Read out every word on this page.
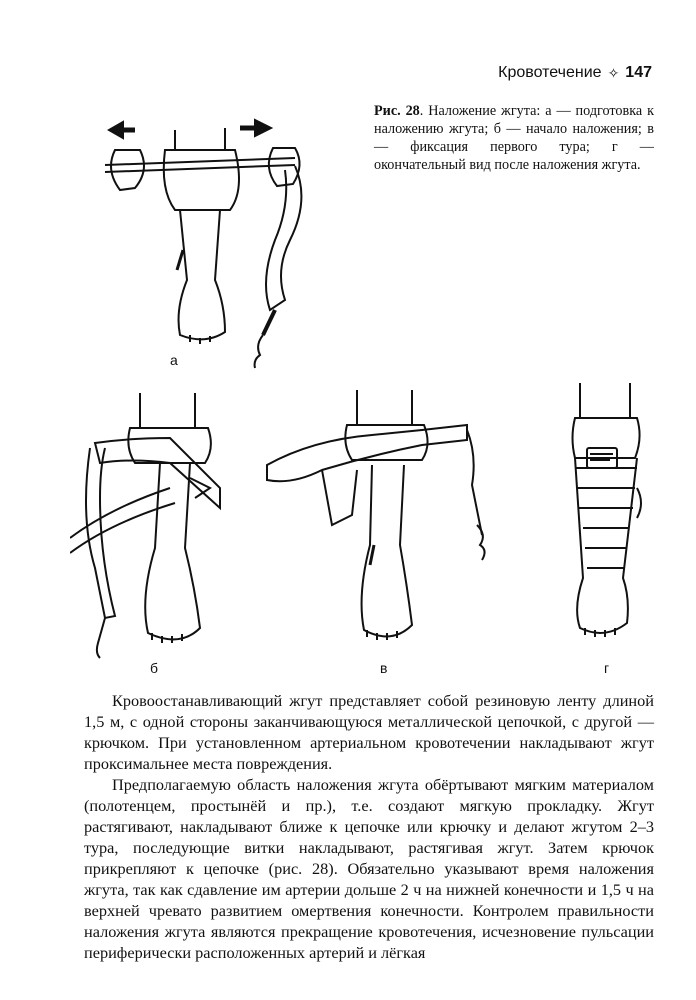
Кровотечение ✧ 147
Рис. 28. Наложение жгута: а — подготовка к наложению жгута; б — начало наложения; в — фиксация первого тура; г — окончательный вид после наложения жгута.
а
б	в	г

Кровоостанавливающий жгут представляет собой резиновую ленту длиной 1,5 м, с одной стороны заканчивающуюся металлической цепочкой, с другой — крючком. При установленном артериальном кровотечении накладывают жгут проксимальнее места повреждения.

Предполагаемую область наложения жгута обёртывают мягким материалом (полотенцем, простынёй и пр.), т.е. создают мягкую прокладку. Жгут растягивают, накладывают ближе к цепочке или крючку и делают жгутом 2–3 тура, последующие витки накладывают, растягивая жгут. Затем крючок прикрепляют к цепочке (рис. 28). Обязательно указывают время наложения жгута, так как сдавление им артерии дольше 2 ч на нижней конечности и 1,5 ч на верхней чревато развитием омертвения конечности. Контролем правильности наложения жгута являются прекращение кровотечения, исчезновение пульсации периферически расположенных артерий и лёгкая
